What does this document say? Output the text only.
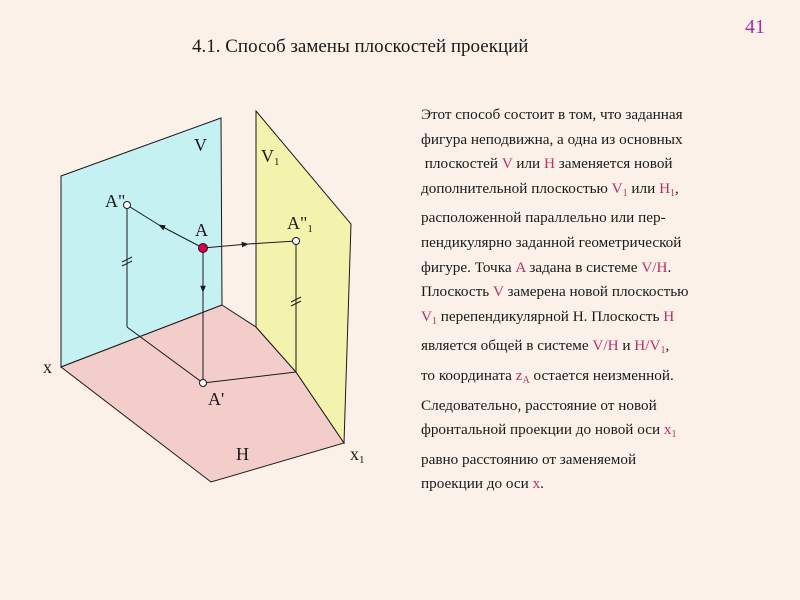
41
4.1. Способ замены плоскостей проекций
V
V1
A"
A	A"1
x
A'
H	x1
Этот способ состоит в том, что заданная
фигура неподвижна, а одна из основных
плоскостей V или H заменяется новой
дополнительной плоскостью $V_1$ или $H_1$,
расположенной параллельно или пер-
пендикулярно заданной геометрической
фигуре. Точка A задана в системе V/H.
Плоскость V замерена новой плоскостью
$V_1$ перепендикулярной Н. Плоскость H
является общей в системе V/H и $H/V_1$,
то координата $z_A$ остается неизменной.
Следовательно, расстояние от новой
фронтальной проекции до новой оси $x_1$
равно расстоянию от заменяемой
проекции до оси x.
